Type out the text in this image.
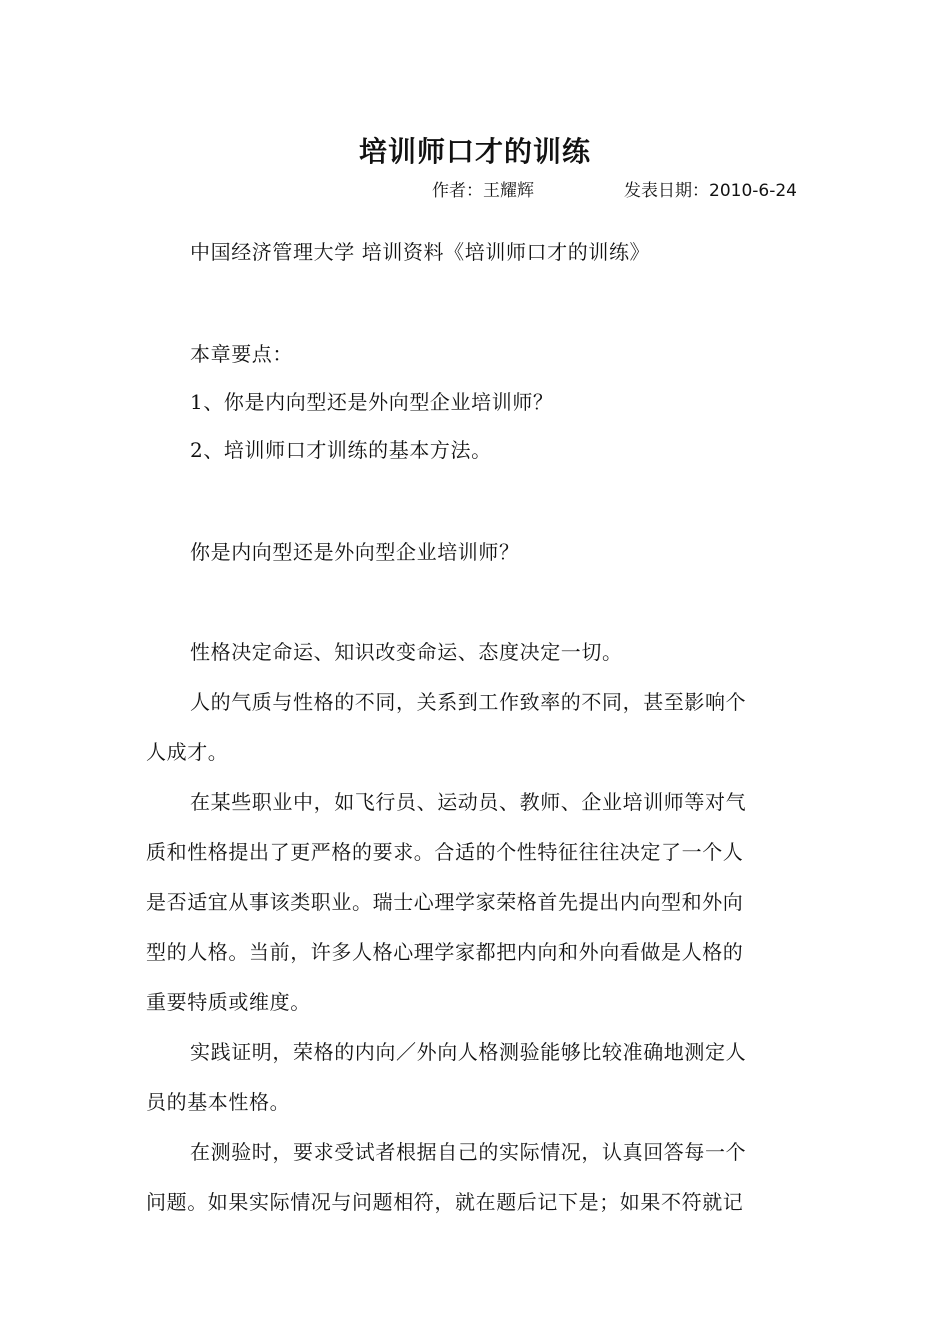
培训师口才的训练
作者：王耀辉	发表日期：2010-6-24
中国经济管理大学 培训资料《培训师口才的训练》
本章要点：
1、你是内向型还是外向型企业培训师？
2、培训师口才训练的基本方法。
你是内向型还是外向型企业培训师？
性格决定命运、知识改变命运、态度决定一切。
人的气质与性格的不同，关系到工作致率的不同，甚至影响个
人成才。
在某些职业中，如飞行员、运动员、教师、企业培训师等对气
质和性格提出了更严格的要求。合适的个性特征往往决定了一个人
是否适宜从事该类职业。瑞士心理学家荣格首先提出内向型和外向
型的人格。当前，许多人格心理学家都把内向和外向看做是人格的
重要特质或维度。
实践证明，荣格的内向／外向人格测验能够比较准确地测定人
员的基本性格。
在测验时，要求受试者根据自己的实际情况，认真回答每一个
问题。如果实际情况与问题相符，就在题后记下是；如果不符就记
